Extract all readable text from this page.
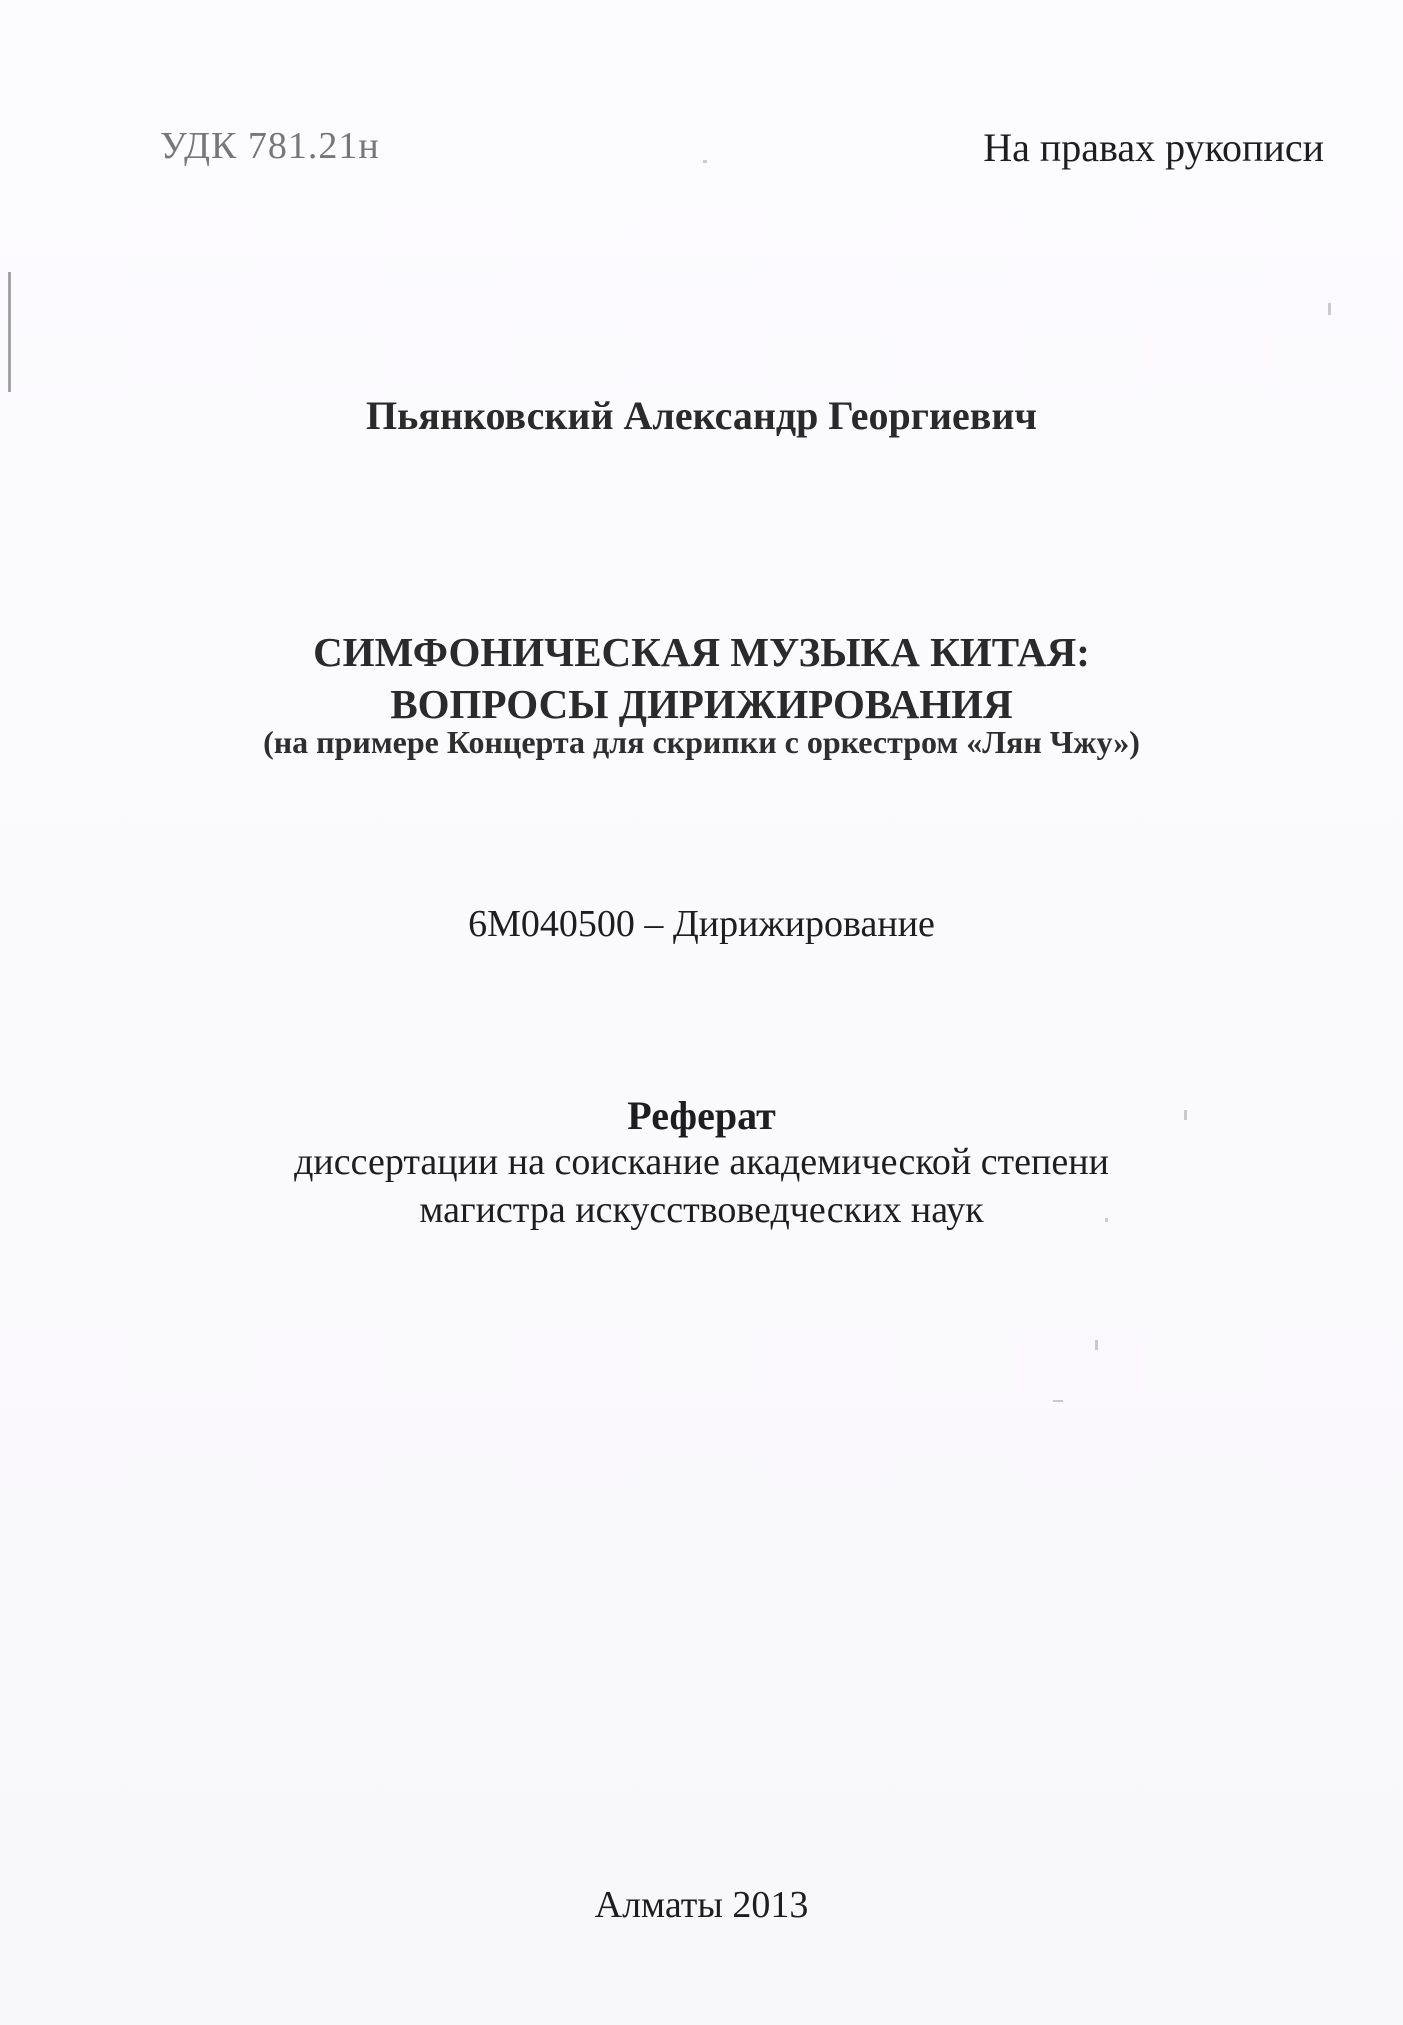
УДК 781.21н	На правах рукописи
Пьянковский Александр Георгиевич
СИМФОНИЧЕСКАЯ МУЗЫКА КИТАЯ:
ВОПРОСЫ ДИРИЖИРОВАНИЯ
(на примере Концерта для скрипки с оркестром «Лян Чжу»)
6М040500 – Дирижирование
Реферат
диссертации на соискание академической степени
магистра искусствоведческих наук
Алматы 2013
